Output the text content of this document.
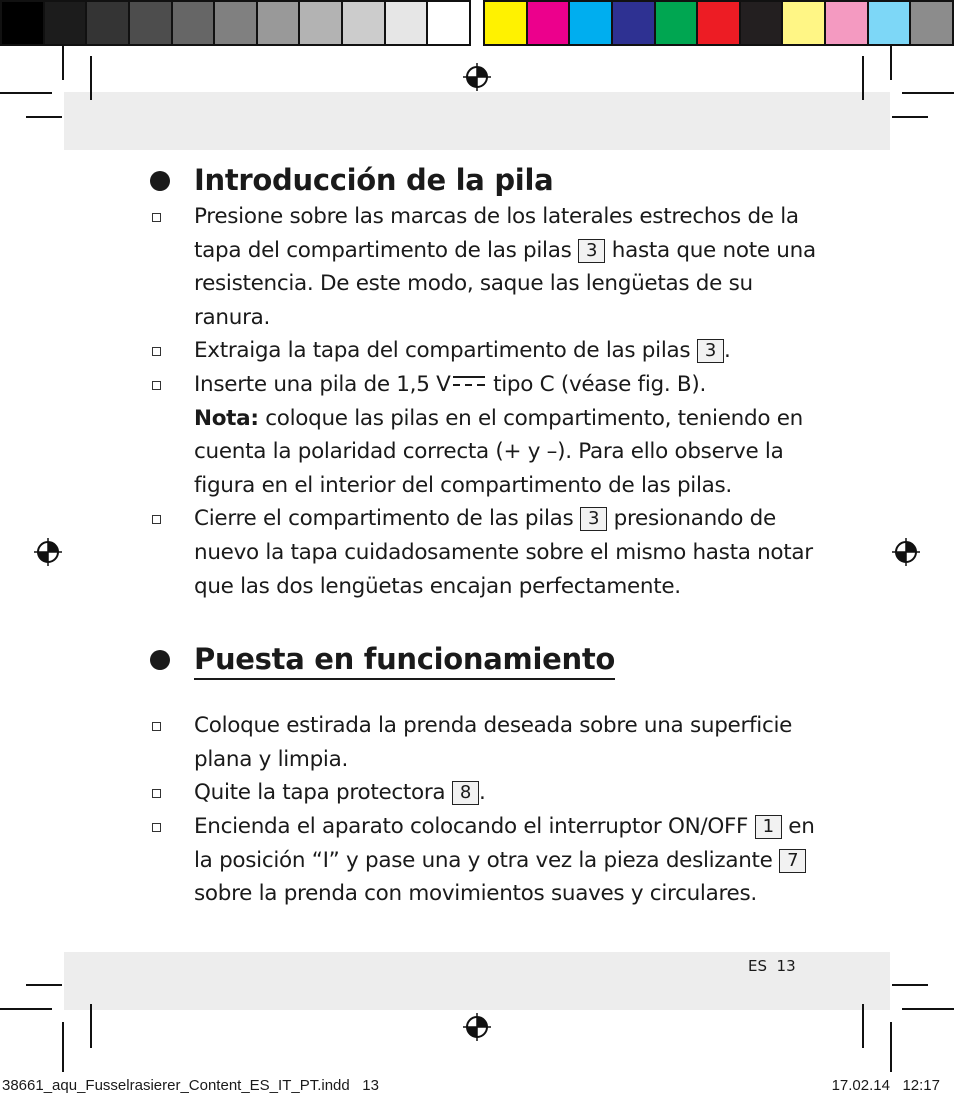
Introducción de la pila
Presione sobre las marcas de los laterales estrechos de la tapa del compartimento de las pilas 3 hasta que note una resistencia. De este modo, saque las lengüetas de su ranura.
Extraiga la tapa del compartimento de las pilas 3 .
Inserte una pila de 1,5 V tipo C (véase fig. B).
Nota: coloque las pilas en el compartimento, teniendo en cuenta la polaridad correcta (+ y –). Para ello observe la figura en el interior del compartimento de las pilas.
Cierre el compartimento de las pilas 3 presionando de nuevo la tapa cuidadosamente sobre el mismo hasta notar que las dos lengüetas encajan perfectamente.
Puesta en funcionamiento
Coloque estirada la prenda deseada sobre una superficie plana y limpia.
Quite la tapa protectora 8 .
Encienda el aparato colocando el interruptor ON/OFF 1 en la posición “I” y pase una y otra vez la pieza deslizante 7 sobre la prenda con movimientos suaves y circulares.
ES  13
38661_aqu_Fusselrasierer_Content_ES_IT_PT.indd   13	17.02.14   12:17
